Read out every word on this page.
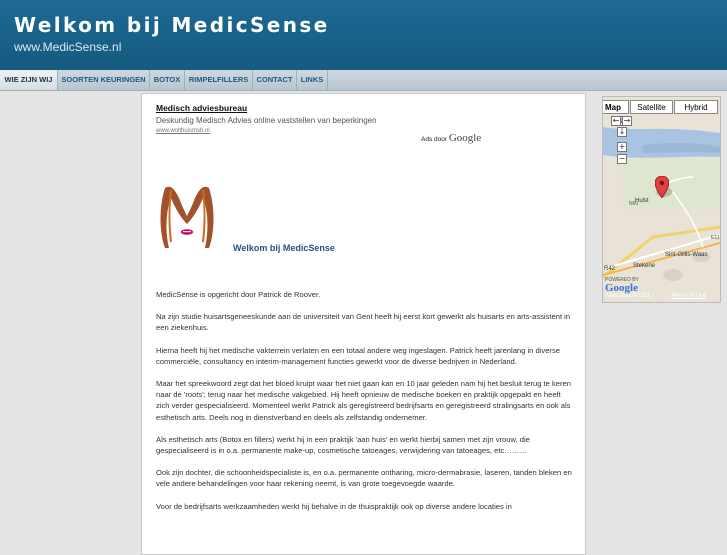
Welkom bij MedicSense
www.MedicSense.nl
WIE ZIJN WIJ	SOORTEN KEURINGEN	BOTOX	RIMPELFILLERS	CONTACT	LINKS
Medisch adviesbureau
Deskundig Medisch Advies online vaststellen van beperkingen
www.wolthuismsb.nl
Ads door Google
Welkom bij MedicSense

MedicSense is opgericht door Patrick de Roover.

Na zijn studie huisartsgeneeskunde aan de universiteit van Gent heeft hij eerst kort gewerkt als huisarts en arts-assistent in een ziekenhuis.

Hierna heeft hij het medische vakterrein verlaten en een totaal andere weg ingeslagen. Patrick heeft jarenlang in diverse commerciële, consultancy en interim-management functies gewerkt voor de diverse bedrijven in Nederland.

Maar het spreekwoord zegt dat het bloed kruipt waar het niet gaan kan en 10 jaar geleden nam hij het besluit terug te keren naar de 'roots'; terug naar het medische vakgebied. Hij heeft opnieuw de medische boeken en praktijk opgepakt en heeft zich verder gespecialiseerd. Momenteel werkt Patrick als geregistreerd bedrijfsarts en geregistreerd stralingsarts en ook als esthetisch arts. Deels nog in dienstverband en deels als zelfstandig ondernemer.

Als esthetisch arts (Botox en fillers) werkt hij in een praktijk 'aan huis' en werkt hierbij samen met zijn vrouw, die gespecialiseerd is in o.a. permanente make-up, cosmetische tatoeages, verwijdering van tatoeages, etc………

Ook zijn dochter, die schoonheidspecialiste is, en o.a. permanente ontharing, micro-dermabrasie, laseren, tanden bleken en vele andere behandelingen voor haar rekening neemt, is van grote toegevoegde waarde.

Voor de bedrijfsarts werkzaamheden werkt hij behalve in de thuispraktijk ook op diverse andere locaties in

Map	Satellite	Hybrid
← →
↓
+
−
Hulst
Sint-Gillis-Waas
Stekene
R42
N60
E11
POWERED BY
Google
Map data ©2011 -	Terms of Use
